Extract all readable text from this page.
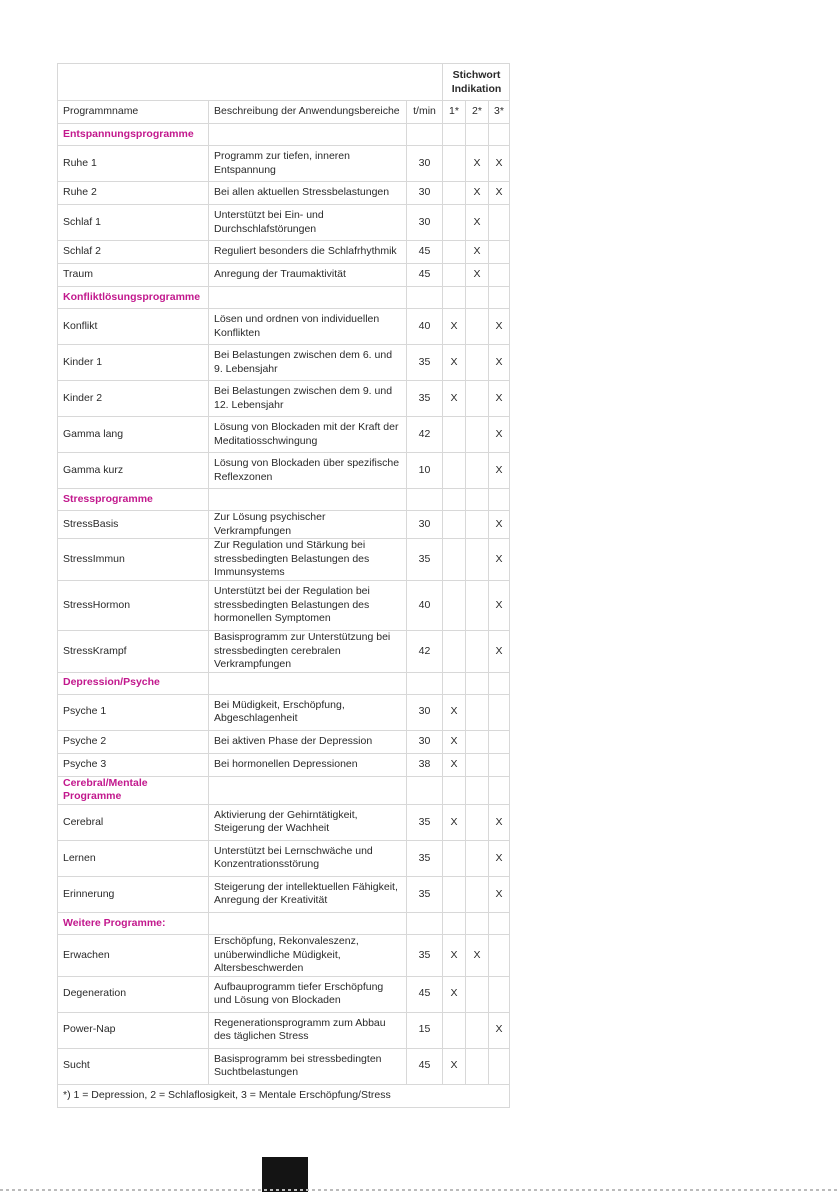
			Stichwort
Indikation		

Programmname	Beschreibung der Anwendungsbereiche	t/min	1*	2*	3*
Entspannungsprogramme					
Ruhe 1	Programm zur tiefen, inneren Entspannung	30		X	X
Ruhe 2	Bei allen aktuellen Stressbelastungen	30		X	X
Schlaf 1	Unterstützt bei Ein- und Durchschlafstörungen	30		X	
Schlaf 2	Reguliert besonders die Schlafrhythmik	45		X	
Traum	Anregung der Traumaktivität	45		X	
Konfliktlösungsprogramme					
Konflikt	Lösen und ordnen von individuellen Konflikten	40	X		X
Kinder 1	Bei Belastungen zwischen dem 6. und 9. Lebensjahr	35	X		X
Kinder 2	Bei Belastungen zwischen dem 9. und 12. Lebensjahr	35	X		X
Gamma lang	Lösung von Blockaden mit der Kraft der Meditatiosschwingung	42			X
Gamma kurz	Lösung von Blockaden über spezifische Reflexzonen	10			X
Stressprogramme					
StressBasis	Zur Lösung psychischer Verkrampfungen	30			X
StressImmun	Zur Regulation und Stärkung bei stressbedingten Belastungen des Immunsystems	35			X
StressHormon	Unterstützt bei der Regulation bei stressbedingten Belastungen des hormonellen Symptomen	40			X
StressKrampf	Basisprogramm zur Unterstützung bei stressbedingten cerebralen Verkrampfungen	42			X
Depression/Psyche					
Psyche 1	Bei Müdigkeit, Erschöpfung, Abgeschlagenheit	30	X		
Psyche 2	Bei aktiven Phase der Depression	30	X		
Psyche 3	Bei hormonellen Depressionen	38	X		
Cerebral/Mentale Programme					
Cerebral	Aktivierung der Gehirntätigkeit, Steigerung der Wachheit	35	X		X
Lernen	Unterstützt bei Lernschwäche und Konzentrationsstörung	35			X
Erinnerung	Steigerung der intellektuellen Fähigkeit, Anregung der Kreativität	35			X
Weitere Programme:					
Erwachen	Erschöpfung, Rekonvaleszenz, unüberwindliche Müdigkeit, Altersbeschwerden	35	X	X	
Degeneration	Aufbauprogramm tiefer Erschöpfung und Lösung von Blockaden	45	X		
Power-Nap	Regenerationsprogramm zum Abbau des täglichen Stress	15			X
Sucht	Basisprogramm bei stressbedingten Suchtbelastungen	45	X		
*) 1 = Depression, 2 = Schlaflosigkeit, 3 = Mentale Erschöpfung/Stress					
